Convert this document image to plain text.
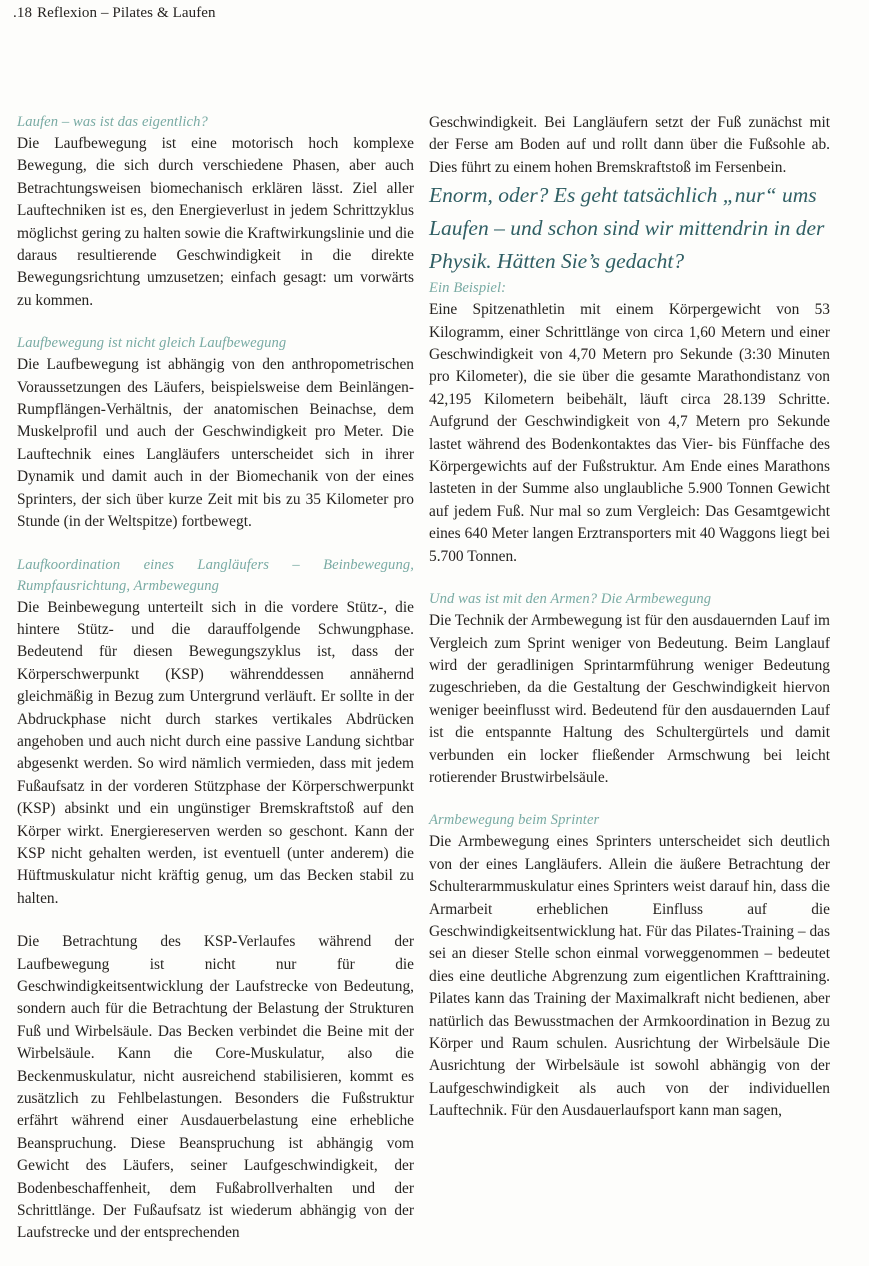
.18 Reflexion – Pilates & Laufen
Laufen – was ist das eigentlich?

Die Laufbewegung ist eine motorisch hoch komplexe Bewegung, die sich durch verschiedene Phasen, aber auch Betrachtungsweisen biomechanisch erklären lässt. Ziel aller Lauftechniken ist es, den Energieverlust in jedem Schrittzyklus möglichst gering zu halten sowie die Kraftwirkungslinie und die daraus resultierende Geschwindigkeit in die direkte Bewegungsrichtung umzusetzen; einfach gesagt: um vorwärts zu kommen.

Laufbewegung ist nicht gleich Laufbewegung

Die Laufbewegung ist abhängig von den anthropometrischen Voraussetzungen des Läufers, beispielsweise dem Beinlängen-Rumpflängen-Verhältnis, der anatomischen Beinachse, dem Muskelprofil und auch der Geschwindigkeit pro Meter. Die Lauftechnik eines Langläufers unterscheidet sich in ihrer Dynamik und damit auch in der Biomechanik von der eines Sprinters, der sich über kurze Zeit mit bis zu 35 Kilometer pro Stunde (in der Weltspitze) fortbewegt.

Laufkoordination eines Langläufers – Beinbewegung, Rumpfausrichtung, Armbewegung

Die Beinbewegung unterteilt sich in die vordere Stütz-, die hintere Stütz- und die darauffolgende Schwungphase. Bedeutend für diesen Bewegungszyklus ist, dass der Körperschwerpunkt (KSP) währenddessen annähernd gleichmäßig in Bezug zum Untergrund verläuft. Er sollte in der Abdruckphase nicht durch starkes vertikales Abdrücken angehoben und auch nicht durch eine passive Landung sichtbar abgesenkt werden. So wird nämlich vermieden, dass mit jedem Fußaufsatz in der vorderen Stützphase der Körperschwerpunkt (KSP) absinkt und ein ungünstiger Bremskraftstoß auf den Körper wirkt. Energiereserven werden so geschont. Kann der KSP nicht gehalten werden, ist eventuell (unter anderem) die Hüftmuskulatur nicht kräftig genug, um das Becken stabil zu halten.

Die Betrachtung des KSP-Verlaufes während der Laufbewegung ist nicht nur für die Geschwindigkeitsentwicklung der Laufstrecke von Bedeutung, sondern auch für die Betrachtung der Belastung der Strukturen Fuß und Wirbelsäule. Das Becken verbindet die Beine mit der Wirbelsäule. Kann die Core-Muskulatur, also die Beckenmuskulatur, nicht ausreichend stabilisieren, kommt es zusätzlich zu Fehlbelastungen. Besonders die Fußstruktur erfährt während einer Ausdauerbelastung eine erhebliche Beanspruchung. Diese Beanspruchung ist abhängig vom Gewicht des Läufers, seiner Laufgeschwindigkeit, der Bodenbeschaffenheit, dem Fußabrollverhalten und der Schrittlänge. Der Fußaufsatz ist wiederum abhängig von der Laufstrecke und der entsprechenden

Geschwindigkeit. Bei Langläufern setzt der Fuß zunächst mit der Ferse am Boden auf und rollt dann über die Fußsohle ab. Dies führt zu einem hohen Bremskraftstoß im Fersenbein.

Enorm, oder? Es geht tatsächlich „nur“ ums Laufen – und schon sind wir mittendrin in der Physik. Hätten Sie’s gedacht?

Ein Beispiel:

Eine Spitzenathletin mit einem Körpergewicht von 53 Kilogramm, einer Schrittlänge von circa 1,60 Metern und einer Geschwindigkeit von 4,70 Metern pro Sekunde (3:30 Minuten pro Kilometer), die sie über die gesamte Marathondistanz von 42,195 Kilometern beibehält, läuft circa 28.139 Schritte. Aufgrund der Geschwindigkeit von 4,7 Metern pro Sekunde lastet während des Bodenkontaktes das Vier- bis Fünffache des Körpergewichts auf der Fußstruktur. Am Ende eines Marathons lasteten in der Summe also unglaubliche 5.900 Tonnen Gewicht auf jedem Fuß. Nur mal so zum Vergleich: Das Gesamtgewicht eines 640 Meter langen Erztransporters mit 40 Waggons liegt bei 5.700 Tonnen.

Und was ist mit den Armen? Die Armbewegung

Die Technik der Armbewegung ist für den ausdauernden Lauf im Vergleich zum Sprint weniger von Bedeutung. Beim Langlauf wird der geradlinigen Sprintarmführung weniger Bedeutung zugeschrieben, da die Gestaltung der Geschwindigkeit hiervon weniger beeinflusst wird. Bedeutend für den ausdauernden Lauf ist die entspannte Haltung des Schultergürtels und damit verbunden ein locker fließender Armschwung bei leicht rotierender Brustwirbelsäule.

Armbewegung beim Sprinter

Die Armbewegung eines Sprinters unterscheidet sich deutlich von der eines Langläufers. Allein die äußere Betrachtung der Schulterarmmuskulatur eines Sprinters weist darauf hin, dass die Armarbeit erheblichen Einfluss auf die Geschwindigkeitsentwicklung hat. Für das Pilates-Training – das sei an dieser Stelle schon einmal vorweggenommen – bedeutet dies eine deutliche Abgrenzung zum eigentlichen Krafttraining. Pilates kann das Training der Maximalkraft nicht bedienen, aber natürlich das Bewusstmachen der Armkoordination in Bezug zu Körper und Raum schulen. Ausrichtung der Wirbelsäule Die Ausrichtung der Wirbelsäule ist sowohl abhängig von der Laufgeschwindigkeit als auch von der individuellen Lauftechnik. Für den Ausdauerlaufsport kann man sagen,
